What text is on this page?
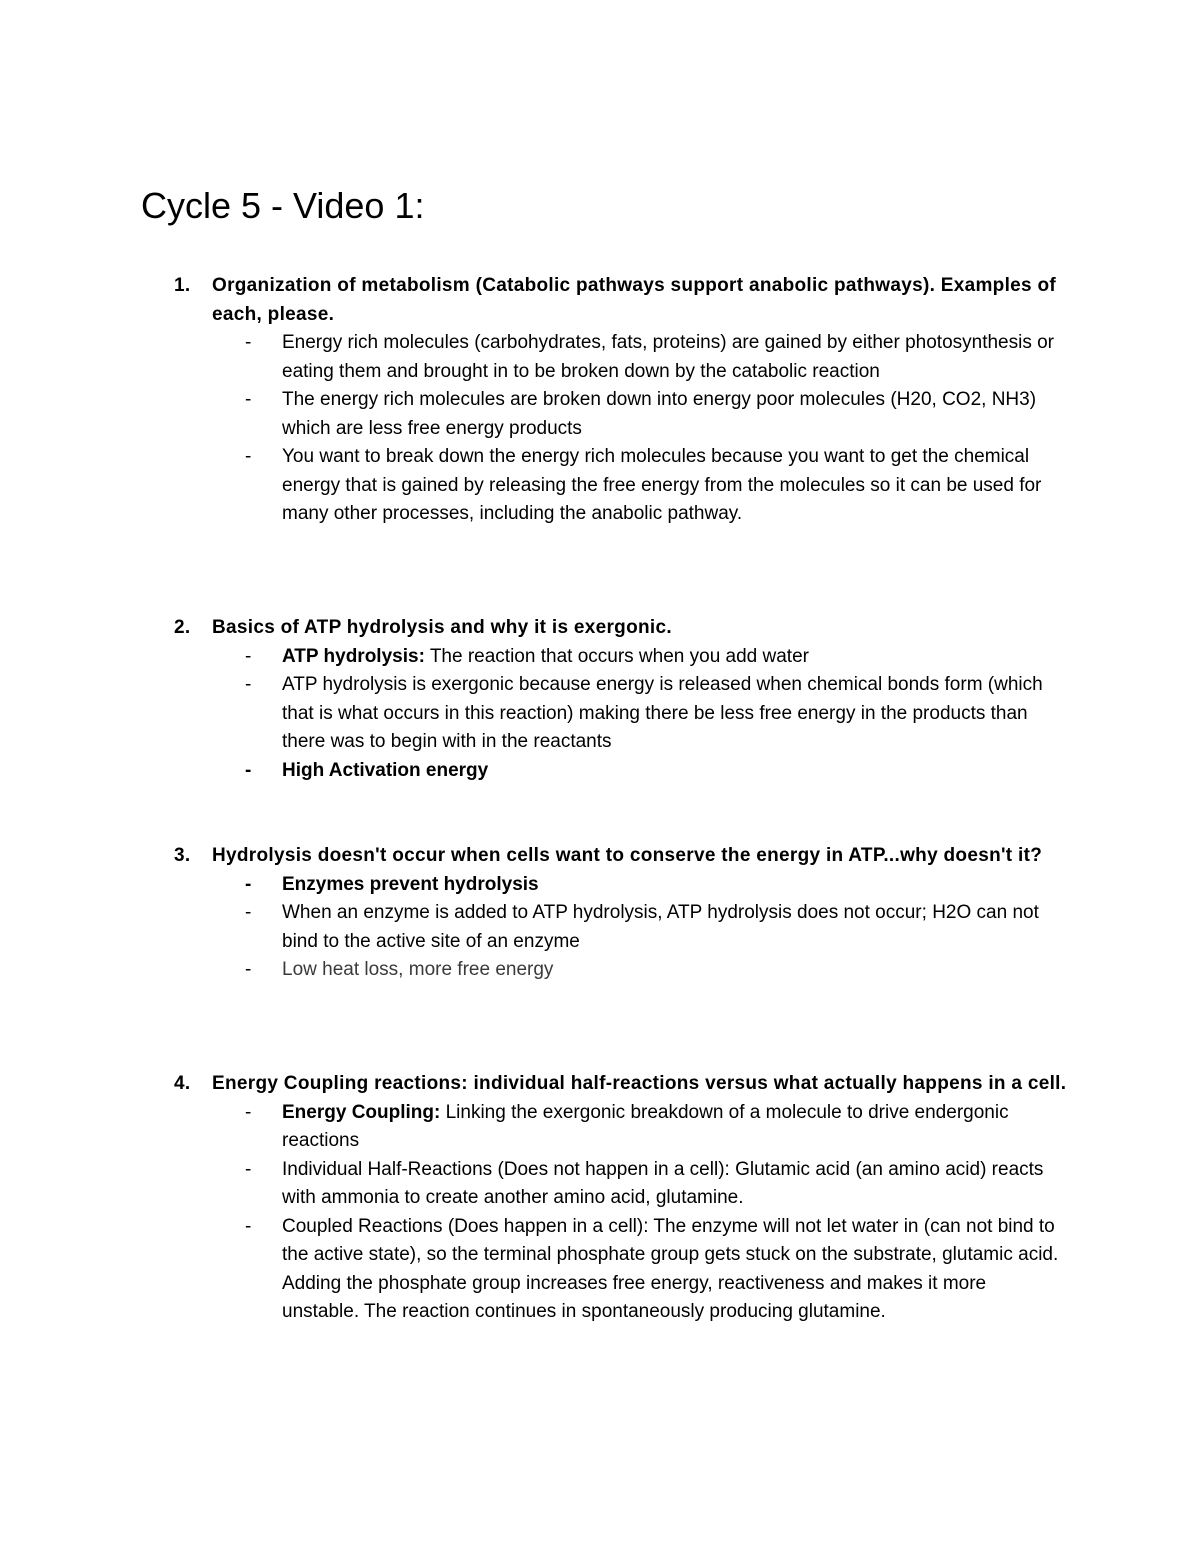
Cycle 5 - Video 1:
1. Organization of metabolism (Catabolic pathways support anabolic pathways). Examples of each, please.
- Energy rich molecules (carbohydrates, fats, proteins) are gained by either photosynthesis or eating them and brought in to be broken down by the catabolic reaction
- The energy rich molecules are broken down into energy poor molecules (H20, CO2, NH3) which are less free energy products
- You want to break down the energy rich molecules because you want to get the chemical energy that is gained by releasing the free energy from the molecules so it can be used for many other processes, including the anabolic pathway.
2. Basics of ATP hydrolysis and why it is exergonic.
- ATP hydrolysis: The reaction that occurs when you add water
- ATP hydrolysis is exergonic because energy is released when chemical bonds form (which that is what occurs in this reaction) making there be less free energy in the products than there was to begin with in the reactants
- High Activation energy
3. Hydrolysis doesn't occur when cells want to conserve the energy in ATP...why doesn't it?
- Enzymes prevent hydrolysis
- When an enzyme is added to ATP hydrolysis, ATP hydrolysis does not occur; H2O can not bind to the active site of an enzyme
- Low heat loss, more free energy
4. Energy Coupling reactions: individual half-reactions versus what actually happens in a cell.
- Energy Coupling: Linking the exergonic breakdown of a molecule to drive endergonic reactions
- Individual Half-Reactions (Does not happen in a cell): Glutamic acid (an amino acid) reacts with ammonia to create another amino acid, glutamine.
- Coupled Reactions (Does happen in a cell): The enzyme will not let water in (can not bind to the active state), so the terminal phosphate group gets stuck on the substrate, glutamic acid. Adding the phosphate group increases free energy, reactiveness and makes it more unstable. The reaction continues in spontaneously producing glutamine.
